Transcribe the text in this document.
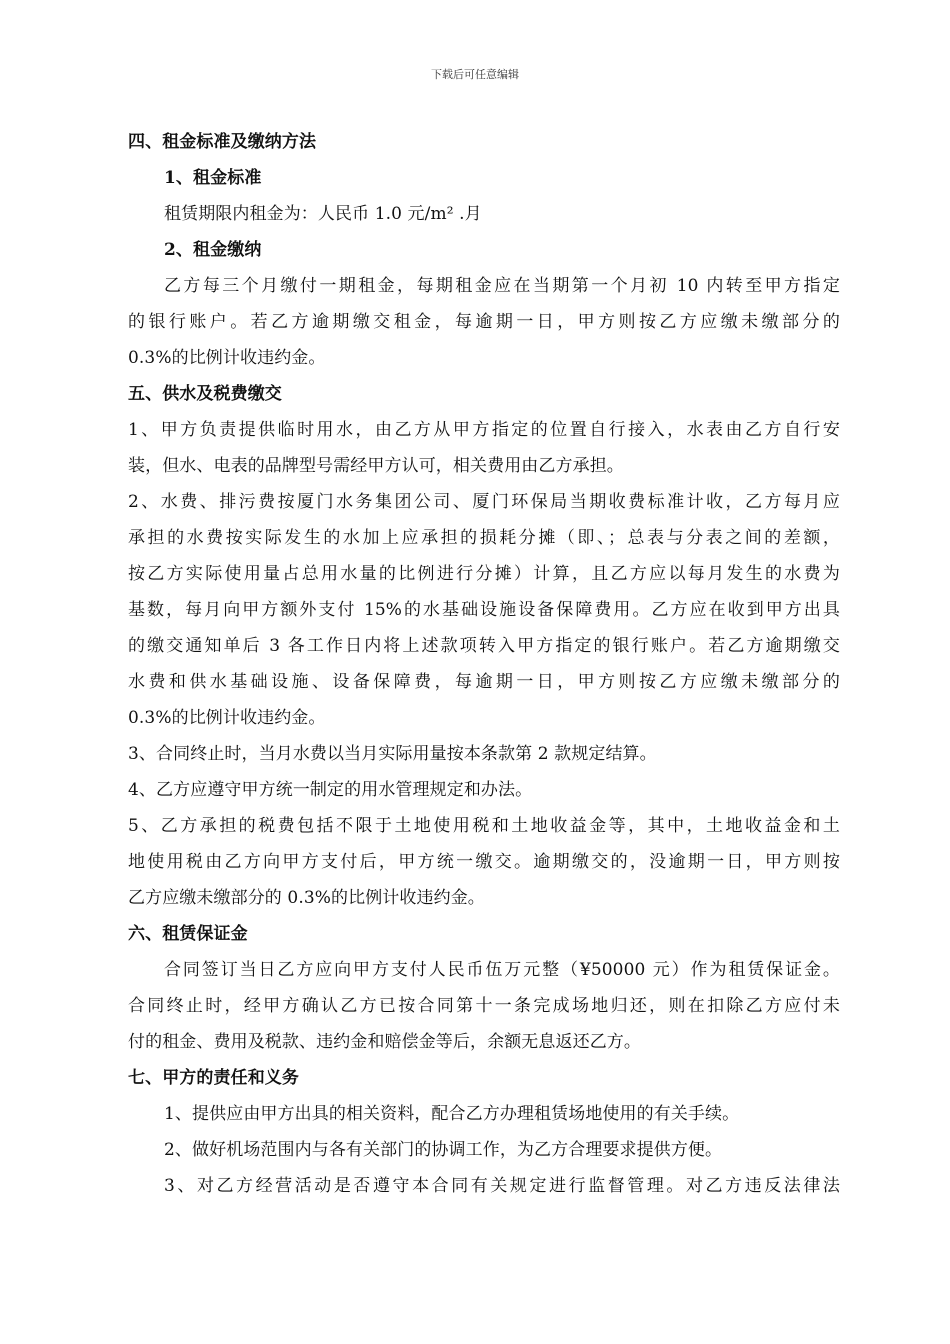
下载后可任意编辑
四、租金标准及缴纳方法
1、租金标准
租赁期限内租金为：人民币 1.0 元/m² .月
2、租金缴纳
乙方每三个月缴付一期租金，每期租金应在当期第一个月初 10 内转至甲方指定
的银行账户。若乙方逾期缴交租金，每逾期一日，甲方则按乙方应缴未缴部分的
0.3%的比例计收违约金。
五、供水及税费缴交
1、甲方负责提供临时用水，由乙方从甲方指定的位置自行接入，水表由乙方自行安
装，但水、电表的品牌型号需经甲方认可，相关费用由乙方承担。
2、水费、排污费按厦门水务集团公司、厦门环保局当期收费标准计收，乙方每月应
承担的水费按实际发生的水加上应承担的损耗分摊（即、；总表与分表之间的差额，
按乙方实际使用量占总用水量的比例进行分摊）计算，且乙方应以每月发生的水费为
基数，每月向甲方额外支付 15%的水基础设施设备保障费用。乙方应在收到甲方出具
的缴交通知单后 3 各工作日内将上述款项转入甲方指定的银行账户。若乙方逾期缴交
水费和供水基础设施、设备保障费，每逾期一日，甲方则按乙方应缴未缴部分的
0.3%的比例计收违约金。
3、合同终止时，当月水费以当月实际用量按本条款第 2 款规定结算。
4、乙方应遵守甲方统一制定的用水管理规定和办法。
5、乙方承担的税费包括不限于土地使用税和土地收益金等，其中，土地收益金和土
地使用税由乙方向甲方支付后，甲方统一缴交。逾期缴交的，没逾期一日，甲方则按
乙方应缴未缴部分的 0.3%的比例计收违约金。
六、租赁保证金
合同签订当日乙方应向甲方支付人民币伍万元整（¥50000 元）作为租赁保证金。
合同终止时，经甲方确认乙方已按合同第十一条完成场地归还，则在扣除乙方应付未
付的租金、费用及税款、违约金和赔偿金等后，余额无息返还乙方。
七、甲方的责任和义务
1、提供应由甲方出具的相关资料，配合乙方办理租赁场地使用的有关手续。
2、做好机场范围内与各有关部门的协调工作，为乙方合理要求提供方便。
3、对乙方经营活动是否遵守本合同有关规定进行监督管理。对乙方违反法律法
